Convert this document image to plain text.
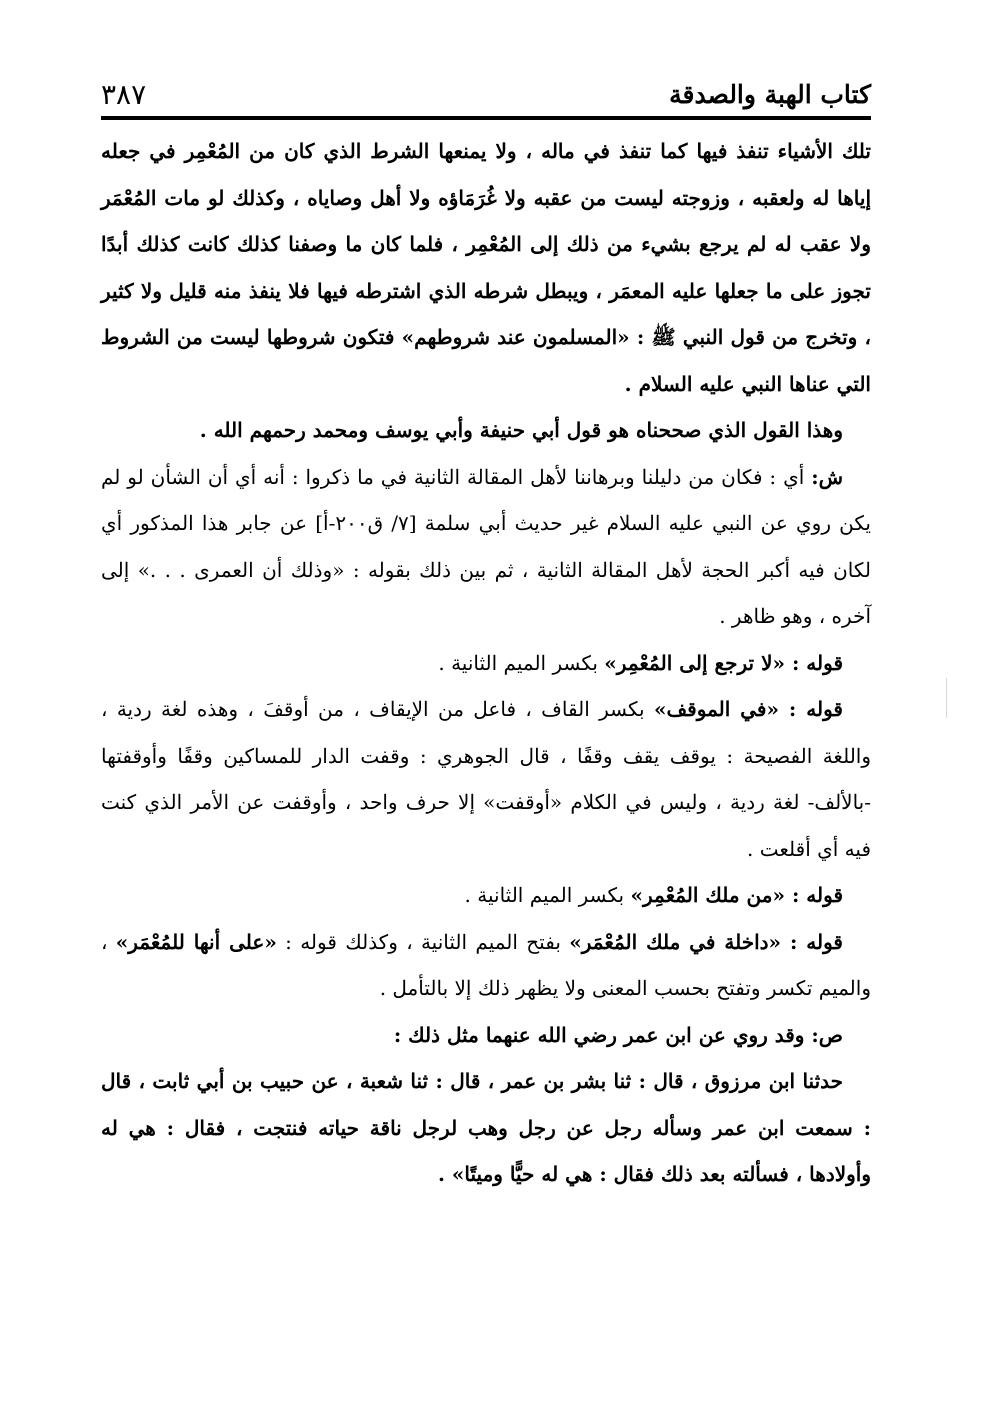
كتاب الهبة والصدقة
٣٨٧

تلك الأشياء تنفذ فيها كما تنفذ في ماله ، ولا يمنعها الشرط الذي كان من المُعْمِر في جعله إياها له ولعقبه ، وزوجته ليست من عقبه ولا غُرَمَاؤه ولا أهل وصاياه ، وكذلك لو مات المُعْمَر ولا عقب له لم يرجع بشيء من ذلك إلى المُعْمِر ، فلما كان ما وصفنا كذلك كانت كذلك أبدًا تجوز على ما جعلها عليه المعمَر ، ويبطل شرطه الذي اشترطه فيها فلا ينفذ منه قليل ولا كثير ، وتخرج من قول النبي ﷺ : «المسلمون عند شروطهم» فتكون شروطها ليست من الشروط التي عناها النبي عليه السلام .

وهذا القول الذي صححناه هو قول أبي حنيفة وأبي يوسف ومحمد رحمهم الله .

ش: أي : فكان من دليلنا وبرهاننا لأهل المقالة الثانية في ما ذكروا : أنه أي أن الشأن لو لم يكن روي عن النبي عليه السلام غير حديث أبي سلمة [٧/ ق٢٠٠-أ] عن جابر هذا المذكور أي لكان فيه أكبر الحجة لأهل المقالة الثانية ، ثم بين ذلك بقوله : «وذلك أن العمرى . . .» إلى آخره ، وهو ظاهر .

قوله : «لا ترجع إلى المُعْمِر» بكسر الميم الثانية .

قوله : «في الموقف» بكسر القاف ، فاعل من الإيقاف ، من أوقفَ ، وهذه لغة ردية ، واللغة الفصيحة : يوقف يقف وقفًا ، قال الجوهري : وقفت الدار للمساكين وقفًا وأوقفتها -بالألف- لغة ردية ، وليس في الكلام «أوقفت» إلا حرف واحد ، وأوقفت عن الأمر الذي كنت فيه أي أقلعت .

قوله : «من ملك المُعْمِر» بكسر الميم الثانية .

قوله : «داخلة في ملك المُعْمَر» بفتح الميم الثانية ، وكذلك قوله : «على أنها للمُعْمَر» ، والميم تكسر وتفتح بحسب المعنى ولا يظهر ذلك إلا بالتأمل .

ص: وقد روي عن ابن عمر رضي الله عنهما مثل ذلك :

حدثنا ابن مرزوق ، قال : ثنا بشر بن عمر ، قال : ثنا شعبة ، عن حبيب بن أبي ثابت ، قال : سمعت ابن عمر وسأله رجل عن رجل وهب لرجل ناقة حياته فنتجت ، فقال : هي له وأولادها ، فسألته بعد ذلك فقال : هي له حيًّا وميتًا» .
